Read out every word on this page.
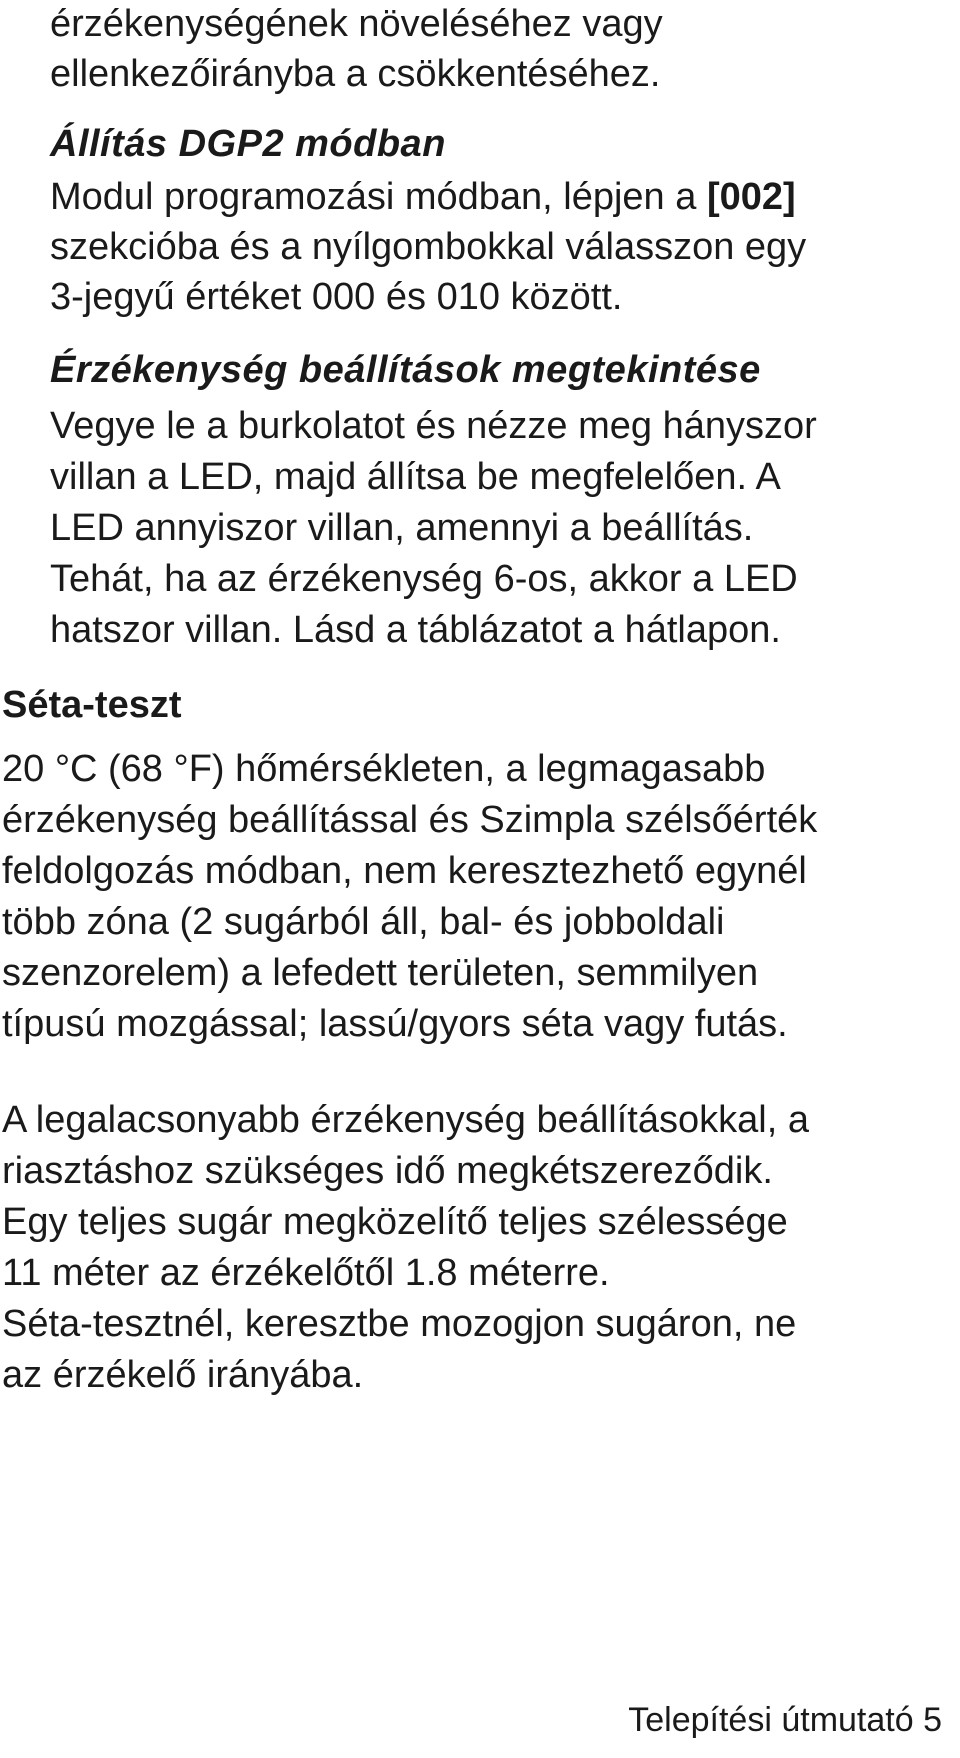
érzékenységének növeléséhez vagy
ellenkezőirányba a csökkentéséhez.
Állítás DGP2 módban
Modul programozási módban, lépjen a [002]
szekcióba és a nyílgombokkal válasszon egy
3-jegyű értéket 000 és 010 között.
Érzékenység beállítások megtekintése
Vegye le a burkolatot és nézze meg hányszor
villan a LED, majd állítsa be megfelelően. A
LED annyiszor villan, amennyi a beállítás.
Tehát, ha az érzékenység 6-os, akkor a LED
hatszor villan. Lásd a táblázatot a hátlapon.
Séta-teszt
20 °C (68 °F) hőmérsékleten, a legmagasabb
érzékenység beállítással és Szimpla szélsőérték
feldolgozás módban, nem keresztezhető egynél
több zóna (2 sugárból áll, bal- és jobboldali
szenzorelem) a lefedett területen, semmilyen
típusú mozgással; lassú/gyors séta vagy futás.
A legalacsonyabb érzékenység beállításokkal, a
riasztáshoz szükséges idő megkétszereződik.
Egy teljes sugár megközelítő teljes szélessége
11 méter az érzékelőtől 1.8 méterre.
Séta-tesztnél, keresztbe mozogjon sugáron, ne
az érzékelő irányába.
Telepítési útmutató 5
